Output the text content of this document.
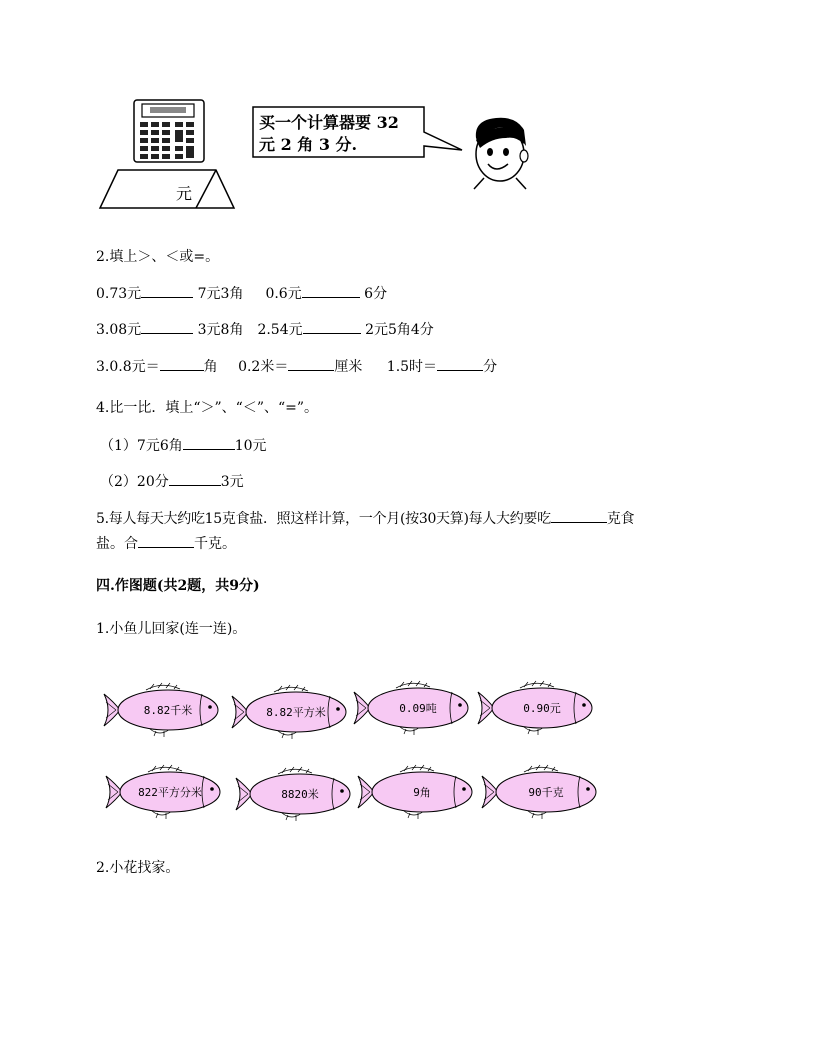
元
买一个计算器要 32
元 2 角 3 分.
2.填上＞、＜或=。
0.73元	7元3角 0.6元	6分
3.08元	3元8角 2.54元	2元5角4分
3.0.8元＝	角 0.2米＝	厘米 1.5时＝	分
4.比一比．填上“＞”、“＜”、“=”。
（1）7元6角	10元
（2）20分	3元
5.每人每天大约吃15克食盐．照这样计算，一个月(按30天算)每人大约要吃	克食
盐。合	千克。
四.作图题(共2题，共9分)
1.小鱼儿回家(连一连)。
8.82千米	8.82平方米	0.09吨	0.90元
822平方分米	8820米	9角	90千克
2.小花找家。
